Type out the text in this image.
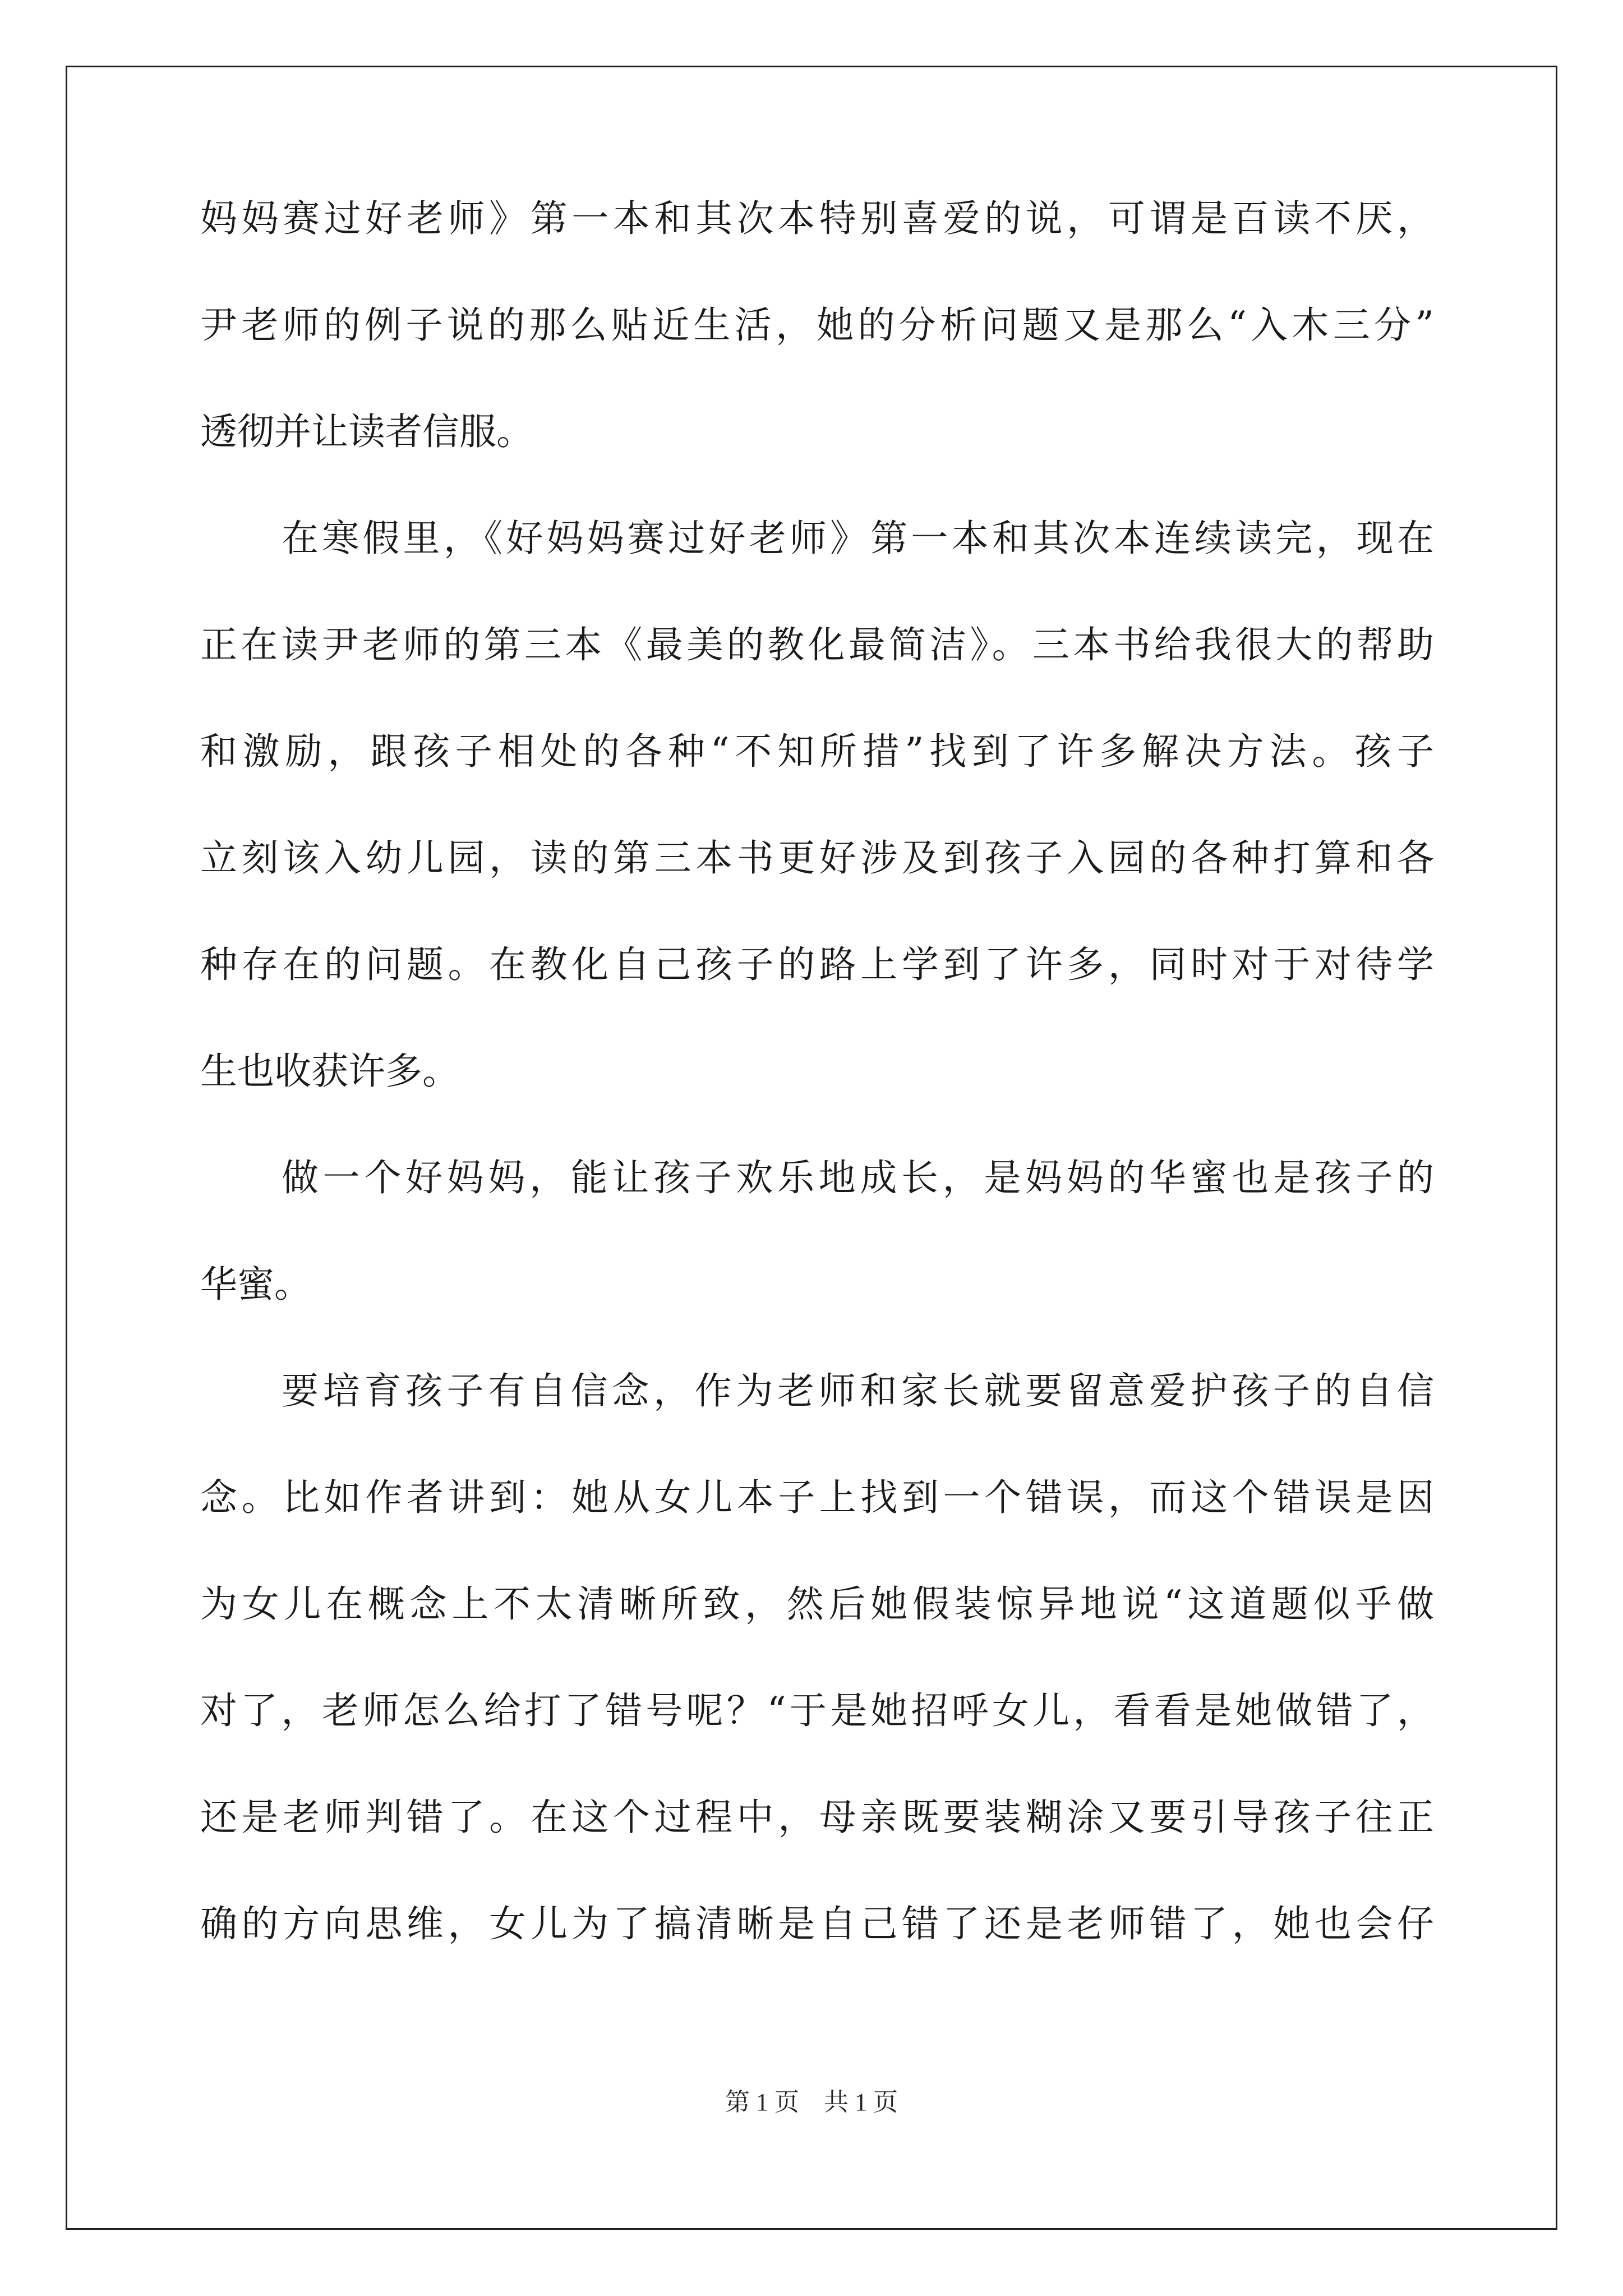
妈妈赛过好老师》第一本和其次本特别喜爱的说，可谓是百读不厌，
尹老师的例子说的那么贴近生活，她的分析问题又是那么“入木三分”
透彻并让读者信服。
在寒假里，《好妈妈赛过好老师》第一本和其次本连续读完，现在
正在读尹老师的第三本《最美的教化最简洁》。三本书给我很大的帮助
和激励，跟孩子相处的各种“不知所措”找到了许多解决方法。孩子
立刻该入幼儿园，读的第三本书更好涉及到孩子入园的各种打算和各
种存在的问题。在教化自己孩子的路上学到了许多，同时对于对待学
生也收获许多。
做一个好妈妈，能让孩子欢乐地成长，是妈妈的华蜜也是孩子的
华蜜。
要培育孩子有自信念，作为老师和家长就要留意爱护孩子的自信
念。比如作者讲到：她从女儿本子上找到一个错误，而这个错误是因
为女儿在概念上不太清晰所致，然后她假装惊异地说“这道题似乎做
对了，老师怎么给打了错号呢？“于是她招呼女儿，看看是她做错了，
还是老师判错了。在这个过程中，母亲既要装糊涂又要引导孩子往正
确的方向思维，女儿为了搞清晰是自己错了还是老师错了，她也会仔
第 1 页　共 1 页
